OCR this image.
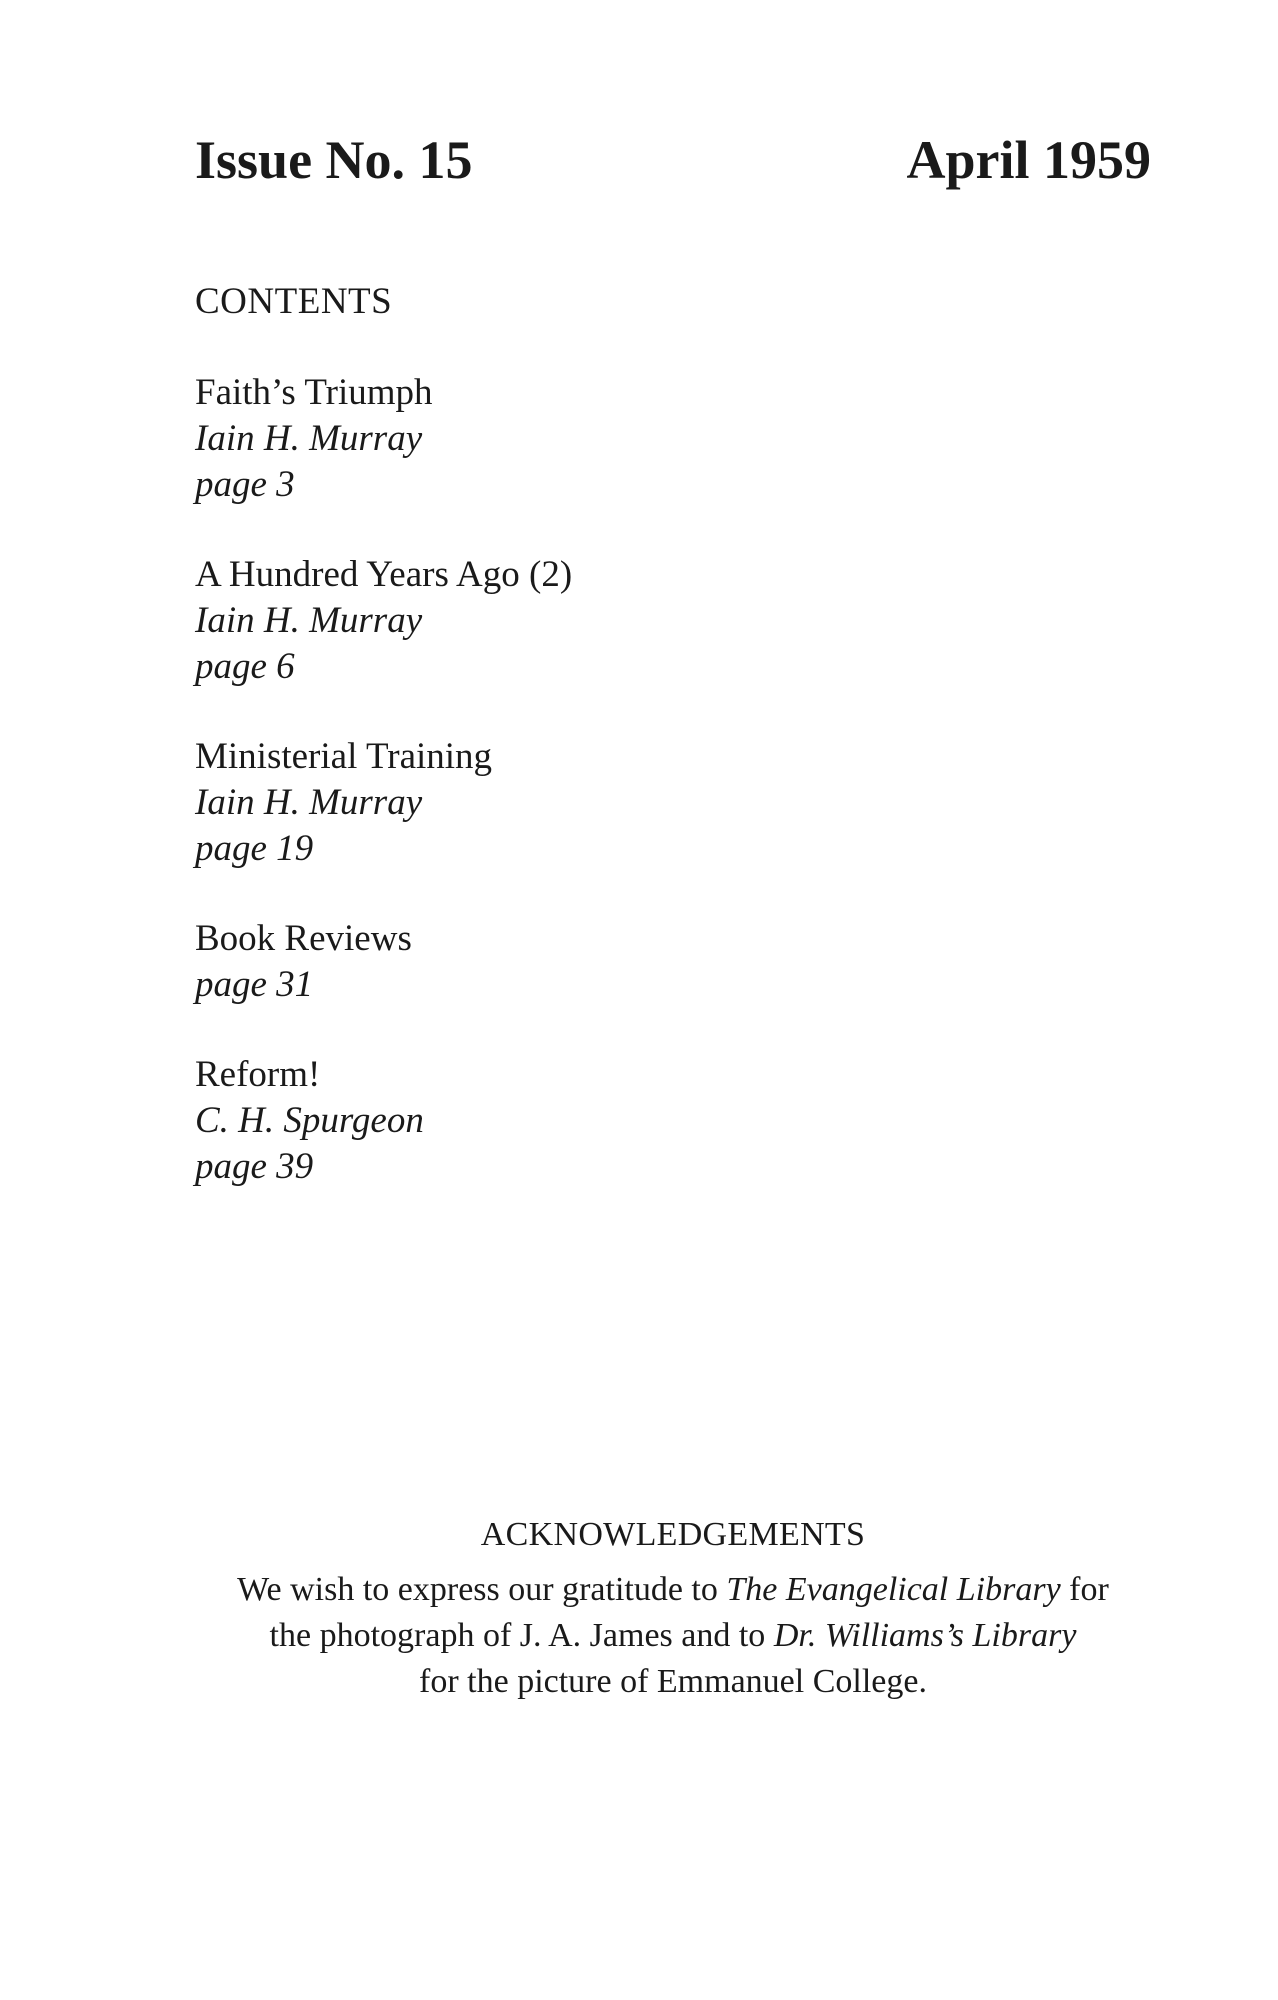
Issue No. 15	April 1959
CONTENTS
Faith’s Triumph
Iain H. Murray
page 3
A Hundred Years Ago (2)
Iain H. Murray
page 6
Ministerial Training
Iain H. Murray
page 19
Book Reviews
page 31
Reform!
C. H. Spurgeon
page 39
ACKNOWLEDGEMENTS
We wish to express our gratitude to The Evangelical Library for
the photograph of J. A. James and to Dr. Williams’s Library
for the picture of Emmanuel College.
